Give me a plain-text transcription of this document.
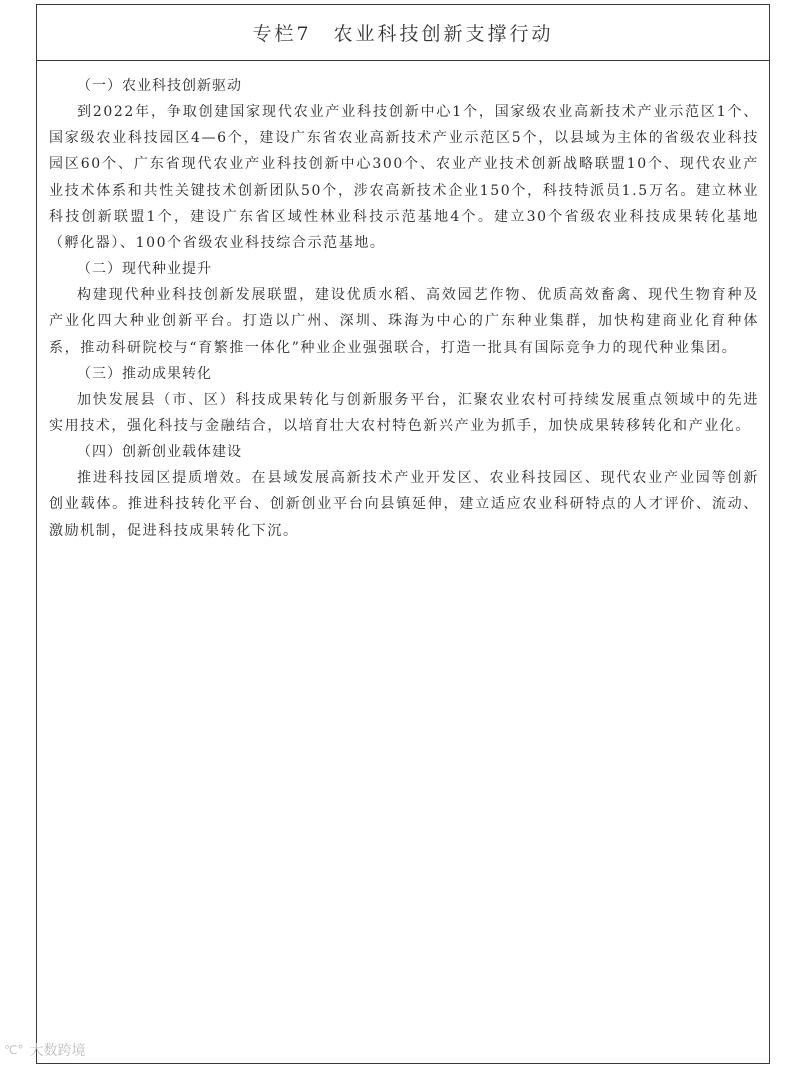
专栏7 农业科技创新支撑行动

（一）农业科技创新驱动

到2022年，争取创建国家现代农业产业科技创新中心1个，国家级农业高新技术产业示范区1个、国家级农业科技园区4—6个，建设广东省农业高新技术产业示范区5个，以县域为主体的省级农业科技园区60个、广东省现代农业产业科技创新中心300个、农业产业技术创新战略联盟10个、现代农业产业技术体系和共性关键技术创新团队50个，涉农高新技术企业150个，科技特派员1.5万名。建立林业科技创新联盟1个，建设广东省区域性林业科技示范基地4个。建立30个省级农业科技成果转化基地（孵化器）、100个省级农业科技综合示范基地。

（二）现代种业提升

构建现代种业科技创新发展联盟，建设优质水稻、高效园艺作物、优质高效畜禽、现代生物育种及产业化四大种业创新平台。打造以广州、深圳、珠海为中心的广东种业集群，加快构建商业化育种体系，推动科研院校与“育繁推一体化”种业企业强强联合，打造一批具有国际竞争力的现代种业集团。

（三）推动成果转化

加快发展县（市、区）科技成果转化与创新服务平台，汇聚农业农村可持续发展重点领域中的先进实用技术，强化科技与金融结合，以培育壮大农村特色新兴产业为抓手，加快成果转移转化和产业化。

（四）创新创业载体建设

推进科技园区提质增效。在县域发展高新技术产业开发区、农业科技园区、现代农业产业园等创新创业载体。推进科技转化平台、创新创业平台向县镇延伸，建立适应农业科研特点的人才评价、流动、激励机制，促进科技成果转化下沉。

℃° 大数跨境
